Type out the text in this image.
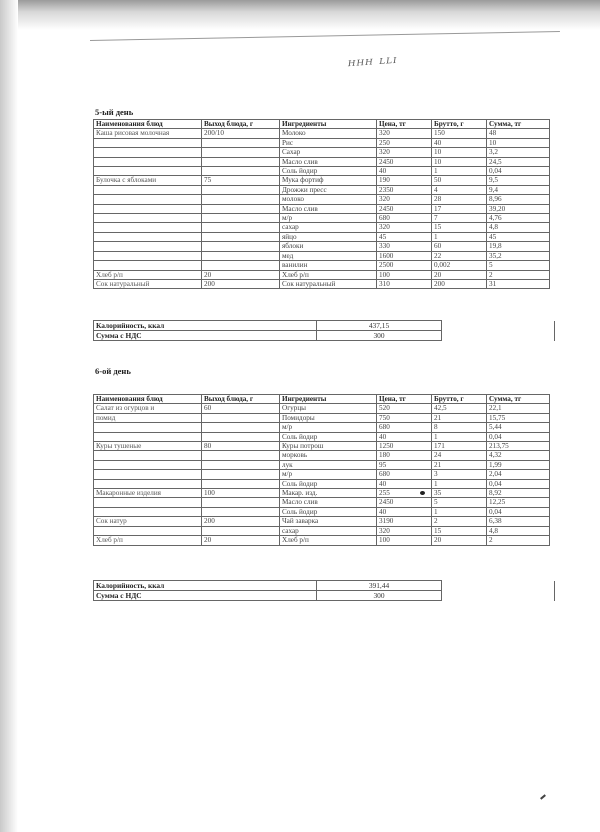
ᴴᴴᴴ ᴸᴸᴵ
5-ый день
Наименования блюд	Выход блюда, г	Ингредиенты	Цена, тг	Брутто, г	Сумма, тг
Каша рисовая молочная	200/10	Молоко	320	150	48
		Рис	250	40	10
		Сахар	320	10	3,2
		Масло слив	2450	10	24,5
		Соль йодир	40	1	0,04
Булочка с яблоками	75	Мука фортиф	190	50	9,5
		Дрожжи пресс	2350	4	9,4
		молоко	320	28	8,96
		Масло слив	2450	17	39,20
		м/р	680	7	4,76
		сахар	320	15	4,8
		яйцо	45	1	45
		яблоки	330	60	19,8
		мед	1600	22	35,2
		ванилин	2500	0,002	5
Хлеб р/п	20	Хлеб р/п	100	20	2
Сок натуральный	200	Сок натуральный	310	200	31
Калорийность, ккал	437,15	
Сумма с НДС	300	
6-ой день
Наименования блюд	Выход блюда, г	Ингредиенты	Цена, тг	Брутто, г	Сумма, тг
Салат из огурцов и	60	Огурцы	520	42,5	22,1
помид		Помидоры	750	21	15,75
		м/р	680	8	5,44
		Соль йодир	40	1	0,04
Куры тушеные	80	Куры потрош	1250	171	213,75
		морковь	180	24	4,32
		лук	95	21	1,99
		м/р	680	3	2,04
		Соль йодир	40	1	0,04
Макаронные изделия	100	Макар. изд.	255	35	8,92
		Масло слив	2450	5	12,25
		Соль йодир	40	1	0,04
Сок натур	200	Чай заварка	3190	2	6,38
		сахар	320	15	4,8
Хлеб р/п	20	Хлеб р/п	100	20	2
Калорийность, ккал	391,44	
Сумма с НДС	300	
